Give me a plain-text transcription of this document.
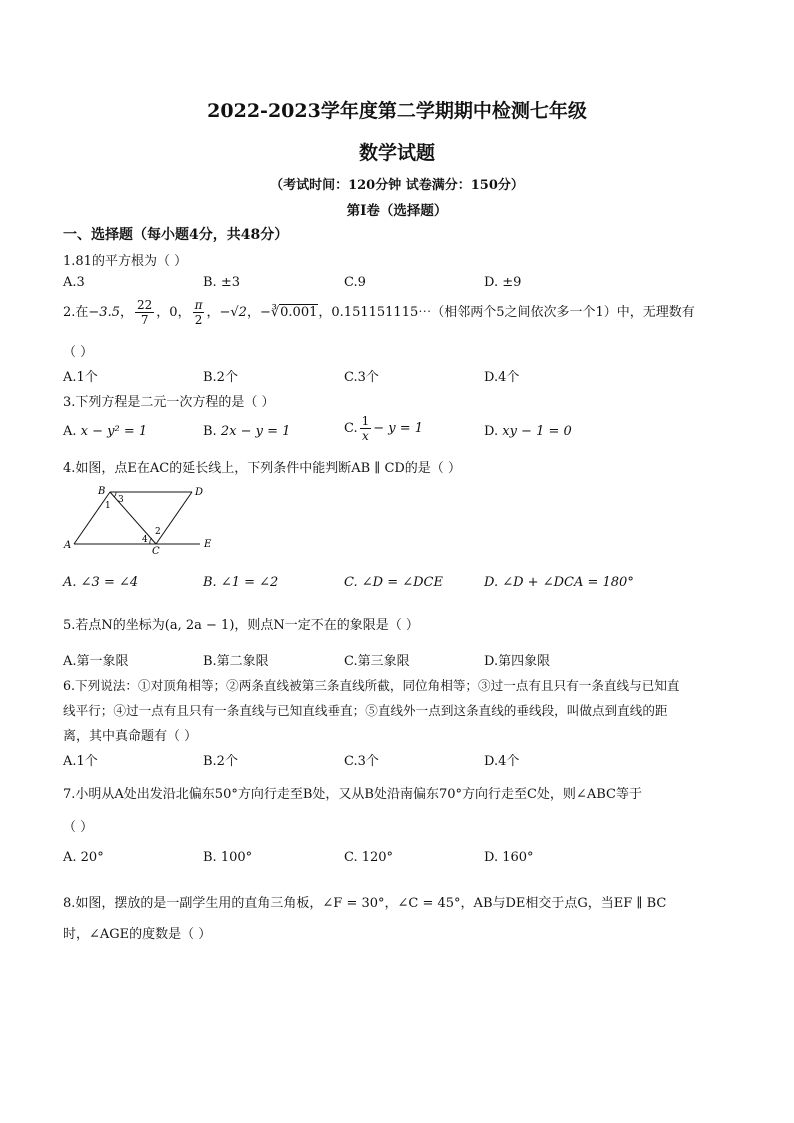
2022-2023学年度第二学期期中检测七年级
数学试题
（考试时间：120分钟 试卷满分：150分）
第Ⅰ卷（选择题）
一、选择题（每小题4分，共48分）
1.81的平方根为（ ）
A.3	B. ±3	C.9	D. ±9
2.在−3.5， $\frac{22}{7}$ ，0， $\frac{\pi}{2}$ ，−√2，−∛0.001，0.151151115⋯（相邻两个5之间依次多一个1）中，无理数有
（ ）
A.1个	B.2个	C.3个	D.4个
3.下列方程是二元一次方程的是（ ）
A. x − y² = 1	B. 2x − y = 1	C. $\frac{1}{x} - y = 1$	D. xy − 1 = 0
4.如图，点E在AC的延长线上，下列条件中能判断AB ∥ CD的是（ ）
B	D
A
C
E
1
3
2
4
A. ∠3 = ∠4	B. ∠1 = ∠2	C. ∠D = ∠DCE	D. ∠D + ∠DCA = 180°
5.若点N的坐标为(a, 2a − 1)，则点N一定不在的象限是（ ）
A.第一象限	B.第二象限	C.第三象限	D.第四象限
6.下列说法：①对顶角相等；②两条直线被第三条直线所截，同位角相等；③过一点有且只有一条直线与已知直
线平行；④过一点有且只有一条直线与已知直线垂直；⑤直线外一点到这条直线的垂线段，叫做点到直线的距
离，其中真命题有（ ）
A.1个	B.2个	C.3个	D.4个
7.小明从A处出发沿北偏东50°方向行走至B处，又从B处沿南偏东70°方向行走至C处，则∠ABC等于
（ ）
A. 20°	B. 100°	C. 120°	D. 160°
8.如图，摆放的是一副学生用的直角三角板，∠F = 30°，∠C = 45°，AB与DE相交于点G，当EF ∥ BC
时，∠AGE的度数是（ ）
